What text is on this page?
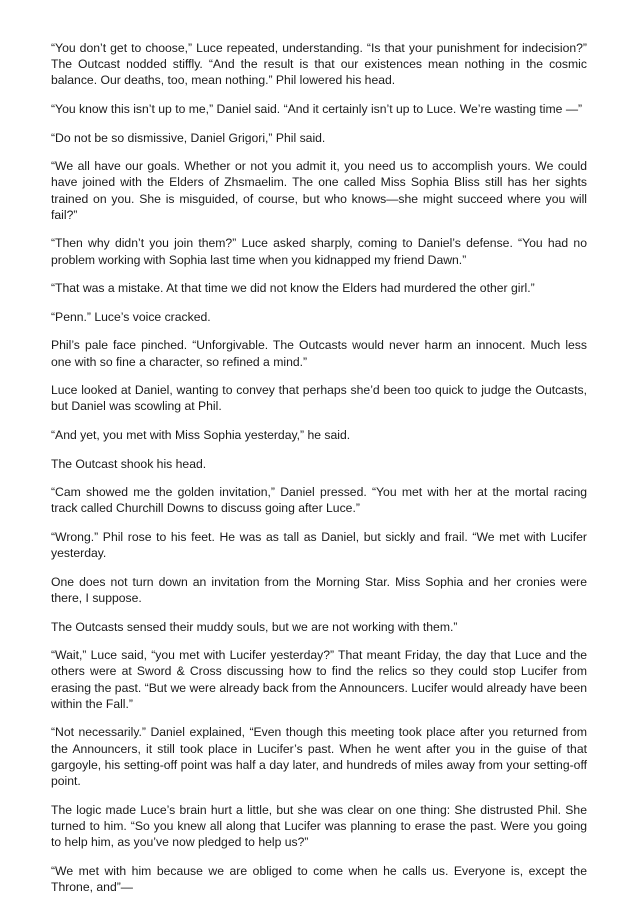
“You don’t get to choose,” Luce repeated, understanding. “Is that your punishment for indecision?” The Outcast nodded stiffly. “And the result is that our existences mean nothing in the cosmic balance. Our deaths, too, mean nothing.” Phil lowered his head.

“You know this isn’t up to me,” Daniel said. “And it certainly isn’t up to Luce. We’re wasting time —”

“Do not be so dismissive, Daniel Grigori,” Phil said.

“We all have our goals. Whether or not you admit it, you need us to accomplish yours. We could have joined with the Elders of Zhsmaelim. The one called Miss Sophia Bliss still has her sights trained on you. She is misguided, of course, but who knows—she might succeed where you will fail?”

“Then why didn’t you join them?” Luce asked sharply, coming to Daniel’s defense. “You had no problem working with Sophia last time when you kidnapped my friend Dawn.”

“That was a mistake. At that time we did not know the Elders had murdered the other girl.”

“Penn.” Luce’s voice cracked.

Phil’s pale face pinched. “Unforgivable. The Outcasts would never harm an innocent. Much less one with so fine a character, so refined a mind.”

Luce looked at Daniel, wanting to convey that perhaps she’d been too quick to judge the Outcasts, but Daniel was scowling at Phil.

“And yet, you met with Miss Sophia yesterday,” he said.

The Outcast shook his head.

“Cam showed me the golden invitation,” Daniel pressed. “You met with her at the mortal racing track called Churchill Downs to discuss going after Luce.”

“Wrong.” Phil rose to his feet. He was as tall as Daniel, but sickly and frail. “We met with Lucifer yesterday.

One does not turn down an invitation from the Morning Star. Miss Sophia and her cronies were there, I suppose.

The Outcasts sensed their muddy souls, but we are not working with them.”

“Wait,” Luce said, “you met with Lucifer yesterday?” That meant Friday, the day that Luce and the others were at Sword & Cross discussing how to find the relics so they could stop Lucifer from erasing the past. “But we were already back from the Announcers. Lucifer would already have been within the Fall.”

“Not necessarily.” Daniel explained, “Even though this meeting took place after you returned from the Announcers, it still took place in Lucifer’s past. When he went after you in the guise of that gargoyle, his setting-off point was half a day later, and hundreds of miles away from your setting-off point.

The logic made Luce’s brain hurt a little, but she was clear on one thing: She distrusted Phil. She turned to him. “So you knew all along that Lucifer was planning to erase the past. Were you going to help him, as you’ve now pledged to help us?”

“We met with him because we are obliged to come when he calls us. Everyone is, except the Throne, and”—
